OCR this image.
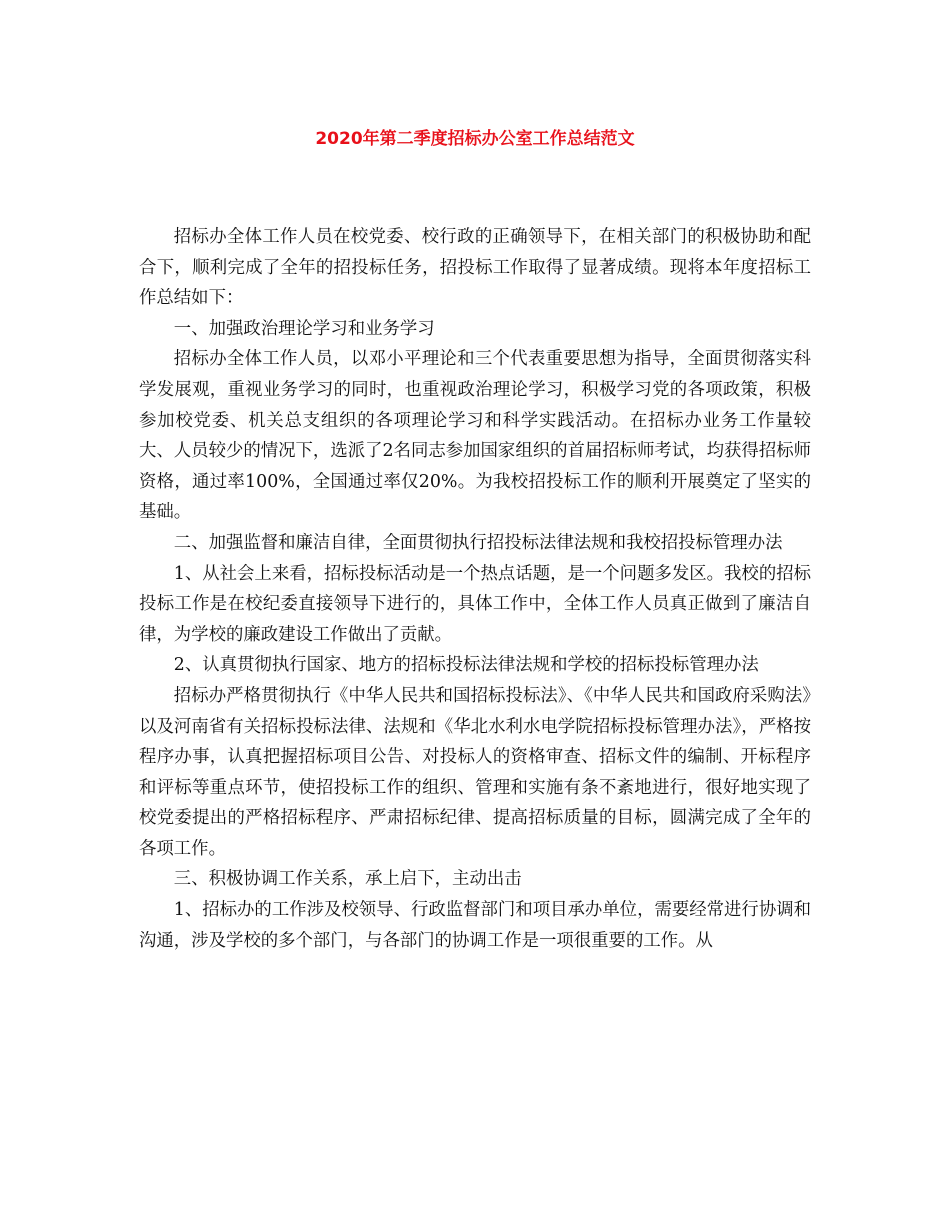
2020年第二季度招标办公室工作总结范文

招标办全体工作人员在校党委、校行政的正确领导下，在相关部门的积极协助和配合下，顺利完成了全年的招投标任务，招投标工作取得了显著成绩。现将本年度招标工作总结如下：

一、加强政治理论学习和业务学习

招标办全体工作人员，以邓小平理论和三个代表重要思想为指导，全面贯彻落实科学发展观，重视业务学习的同时，也重视政治理论学习，积极学习党的各项政策，积极参加校党委、机关总支组织的各项理论学习和科学实践活动。在招标办业务工作量较大、人员较少的情况下，选派了2名同志参加国家组织的首届招标师考试，均获得招标师资格，通过率100%，全国通过率仅20%。为我校招投标工作的顺利开展奠定了坚实的基础。

二、加强监督和廉洁自律，全面贯彻执行招投标法律法规和我校招投标管理办法

1、从社会上来看，招标投标活动是一个热点话题，是一个问题多发区。我校的招标投标工作是在校纪委直接领导下进行的，具体工作中，全体工作人员真正做到了廉洁自律，为学校的廉政建设工作做出了贡献。

2、认真贯彻执行国家、地方的招标投标法律法规和学校的招标投标管理办法

招标办严格贯彻执行《中华人民共和国招标投标法》、《中华人民共和国政府采购法》以及河南省有关招标投标法律、法规和《华北水利水电学院招标投标管理办法》，严格按程序办事，认真把握招标项目公告、对投标人的资格审查、招标文件的编制、开标程序和评标等重点环节，使招投标工作的组织、管理和实施有条不紊地进行，很好地实现了校党委提出的严格招标程序、严肃招标纪律、提高招标质量的目标，圆满完成了全年的各项工作。

三、积极协调工作关系，承上启下，主动出击

1、招标办的工作涉及校领导、行政监督部门和项目承办单位，需要经常进行协调和沟通，涉及学校的多个部门，与各部门的协调工作是一项很重要的工作。从
